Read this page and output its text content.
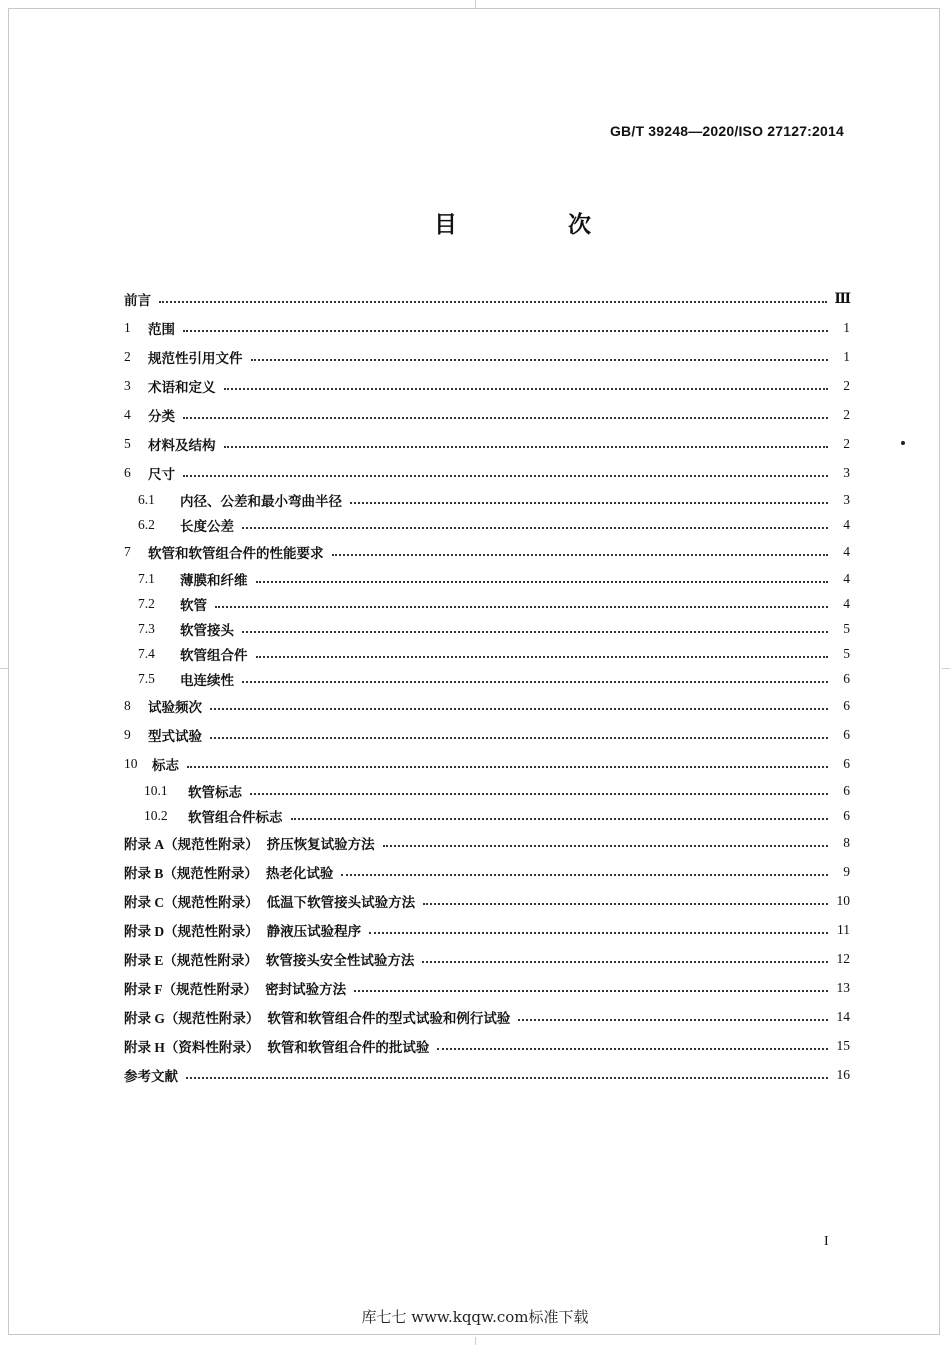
GB/T 39248—2020/ISO 27127:2014
目　次
前言	Ⅲ
1	范围	1
2	规范性引用文件	1
3	术语和定义	2
4	分类	2
5	材料及结构	2
6	尺寸	3
6.1	内径、公差和最小弯曲半径	3
6.2	长度公差	4
7	软管和软管组合件的性能要求	4
7.1	薄膜和纤维	4
7.2	软管	4
7.3	软管接头	5
7.4	软管组合件	5
7.5	电连续性	6
8	试验频次	6
9	型式试验	6
10	标志	6
10.1	软管标志	6
10.2	软管组合件标志	6
附录 A（规范性附录） 挤压恢复试验方法	8
附录 B（规范性附录） 热老化试验	9
附录 C（规范性附录） 低温下软管接头试验方法	10
附录 D（规范性附录） 静液压试验程序	11
附录 E（规范性附录） 软管接头安全性试验方法	12
附录 F（规范性附录） 密封试验方法	13
附录 G（规范性附录） 软管和软管组合件的型式试验和例行试验	14
附录 H（资料性附录） 软管和软管组合件的批试验	15
参考文献	16
I
库七七 www.kqqw.com标准下载
